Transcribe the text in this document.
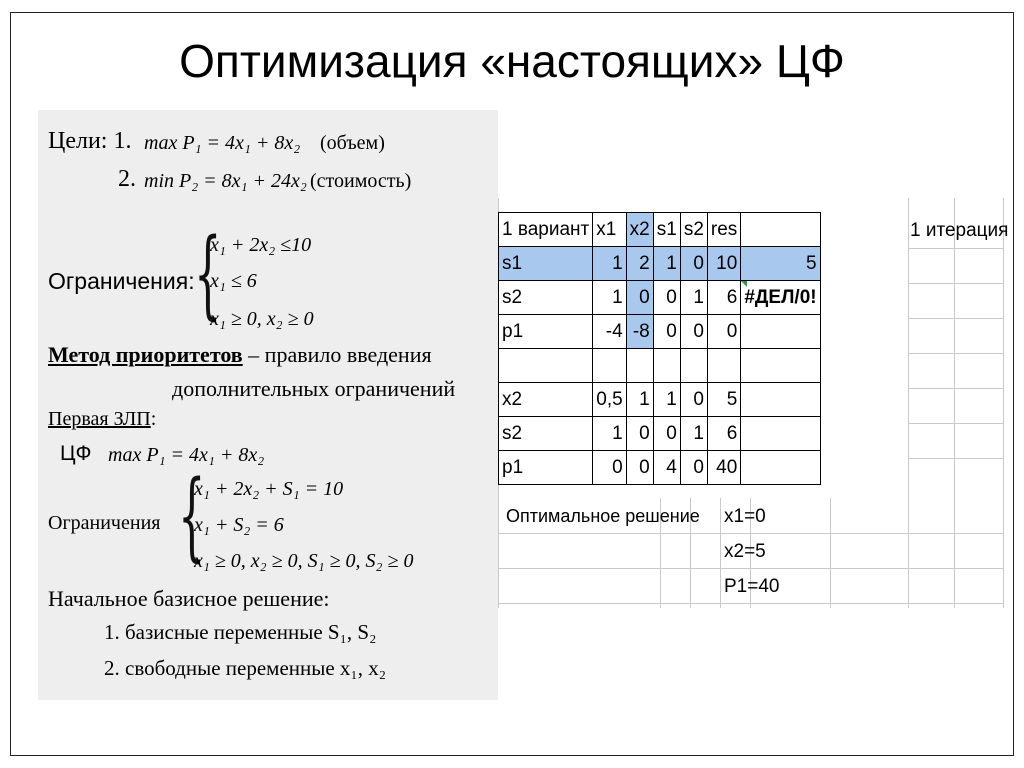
Оптимизация «настоящих» ЦФ
Цели: 1. max P₁ = 4x₁ + 8x₂ (объем)
2. min P₂ = 8x₁ + 24x₂ (стоимость)
Ограничения: {
x₁ + 2x₂ ≤10
x₁ ≤ 6
x₁ ≥ 0, x₂ ≥ 0
Метод приоритетов – правило введения
дополнительных ограничений
Первая ЗЛП:
ЦФ max P₁ = 4x₁ + 8x₂
Ограничения {
x₁ + 2x₂ + S₁ = 10
x₁ + S₂ = 6
x₁ ≥ 0, x₂ ≥ 0, S₁ ≥ 0, S₂ ≥ 0
Начальное базисное решение:
1. базисные переменные S₁, S₂
2. свободные переменные x₁, x₂
1 вариант	x1	x2	s1	s2	res	
s1	1	2	1	0	10	5
s2	1	0	0	1	6	#ДЕЛ/0!
p1	-4	-8	0	0	0	

x2	0,5	1	1	0	5	
s2	1	0	0	1	6	
p1	0	0	4	0	40	
1 итерация
Оптимальное решение x1=0
x2=5
P1=40
